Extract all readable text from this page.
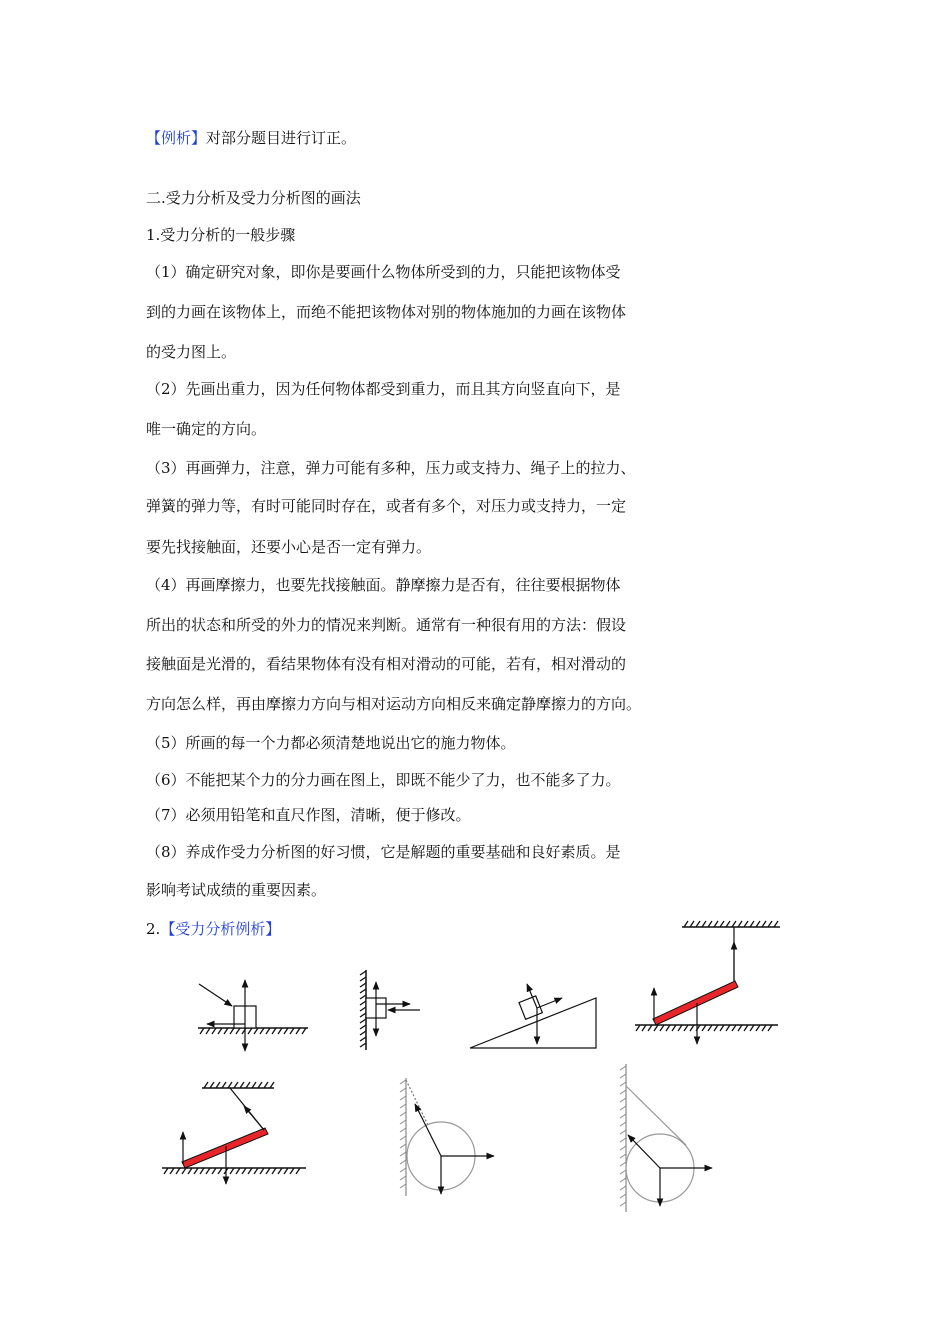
【例析】对部分题目进行订正。

二.受力分析及受力分析图的画法

1.受力分析的一般步骤

（1）确定研究对象，即你是要画什么物体所受到的力，只能把该物体受

到的力画在该物体上，而绝不能把该物体对别的物体施加的力画在该物体

的受力图上。

（2）先画出重力，因为任何物体都受到重力，而且其方向竖直向下，是

唯一确定的方向。

（3）再画弹力，注意，弹力可能有多种，压力或支持力、绳子上的拉力、

弹簧的弹力等，有时可能同时存在，或者有多个，对压力或支持力，一定

要先找接触面，还要小心是否一定有弹力。

（4）再画摩擦力，也要先找接触面。静摩擦力是否有，往往要根据物体

所出的状态和所受的外力的情况来判断。通常有一种很有用的方法：假设

接触面是光滑的，看结果物体有没有相对滑动的可能，若有，相对滑动的

方向怎么样，再由摩擦力方向与相对运动方向相反来确定静摩擦力的方向。

（5）所画的每一个力都必须清楚地说出它的施力物体。

（6）不能把某个力的分力画在图上，即既不能少了力，也不能多了力。

（7）必须用铅笔和直尺作图，清晰，便于修改。

（8）养成作受力分析图的好习惯，它是解题的重要基础和良好素质。是

影响考试成绩的重要因素。

2.【受力分析例析】
